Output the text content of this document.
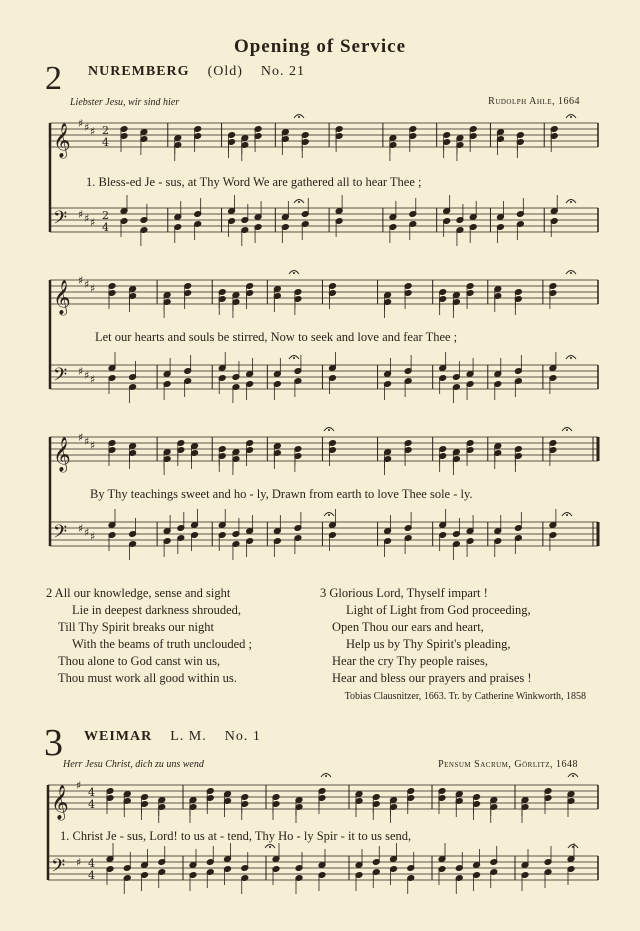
Opening of Service
2 NUREMBERG (Old) No. 21
Liebster Jesu, wir sind hier	Rudolph Ahle, 1664
𝄞
𝄢
♯
♯
♯
♯
♯
♯
2
4
2
4
𝄞
𝄢
♯
♯
♯
♯
♯
♯
𝄞
𝄢
♯
♯
♯
♯
♯
♯
𝄞
𝄢
♯
♯
4
4
4
4
1. Bless-ed Je - sus, at Thy Word We are gathered all to hear Thee ;
Let our hearts and souls be stirred, Now to seek and love and fear Thee ;
By Thy teachings sweet and ho - ly, Drawn from earth to love Thee sole - ly.
2 All our knowledge, sense and sight
Lie in deepest darkness shrouded,
Till Thy Spirit breaks our night
With the beams of truth unclouded ;
Thou alone to God canst win us,
Thou must work all good within us.
3 Glorious Lord, Thyself impart !
Light of Light from God proceeding,
Open Thou our ears and heart,
Help us by Thy Spirit's pleading,
Hear the cry Thy people raises,
Hear and bless our prayers and praises !
Tobias Clausnitzer, 1663. Tr. by Catherine Winkworth, 1858
3 WEIMAR L. M. No. 1
Herr Jesu Christ, dich zu uns wend	Pensum Sacrum, Görlitz, 1648
1. Christ Je - sus, Lord! to us at - tend, Thy Ho - ly Spir - it to us send,
